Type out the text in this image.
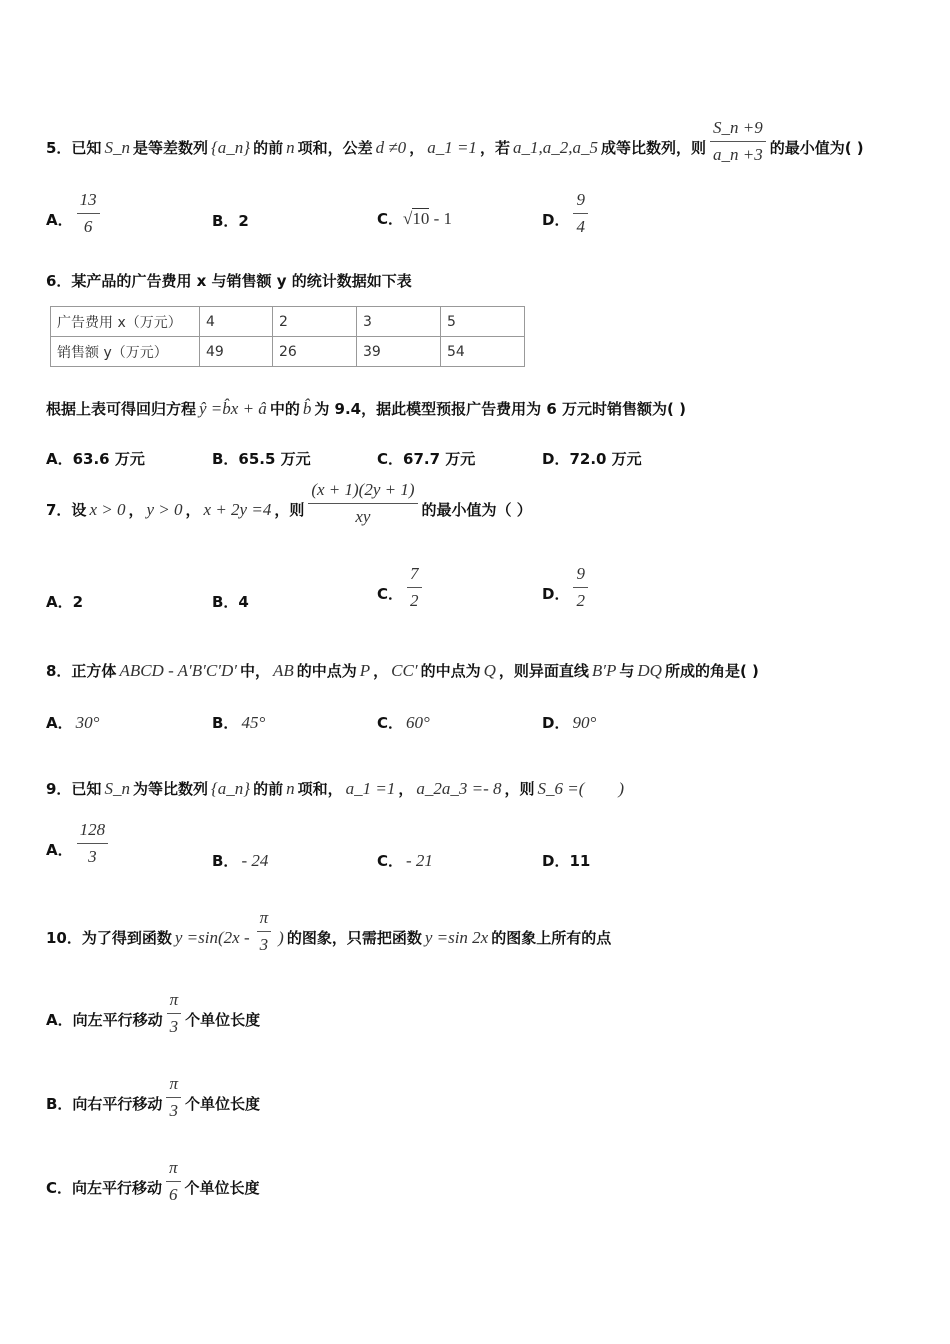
5．已知 S_n 是等差数列 {a_n} 的前 n 项和，公差 d ≠0 ， a_1 =1 ，若 a_1,a_2,a_5 成等比数列，则 $\frac{S\_n +9}{a\_n +3}$ 的最小值为( )
A． $\frac{13}{6}$	B．2	C． √10 - 1	D． $\frac{9}{4}$
6．某产品的广告费用 x 与销售额 y 的统计数据如下表
广告费用 x（万元）	4	2	3	5
销售额 y（万元）	49	26	39	54
根据上表可得回归方程 ŷ =b̂x + â 中的 b̂ 为 9.4，据此模型预报广告费用为 6 万元时销售额为( )
A．63.6 万元	B．65.5 万元	C．67.7 万元	D．72.0 万元
7．设 x > 0 ， y > 0 ， x + 2y =4 ，则 $\frac{(x + 1)(2y + 1)}{xy}$ 的最小值为（ ）
A．2	B．4	C． $\frac{7}{2}$	D． $\frac{9}{2}$
8．正方体 ABCD - A′B′C′D′ 中， AB 的中点为 P ， CC′ 的中点为 Q ，则异面直线 B′P 与 DQ 所成的角是( )
A． 30°	B． 45°	C． 60°	D． 90°
9．已知 S_n 为等比数列 {a_n} 的前 n 项和， a_1 =1 ， a_2a_3 =- 8 ，则 S_6 =(        )
A． $\frac{128}{3}$	B． - 24	C． - 21	D．11
10．为了得到函数 $y =\sin(2x - \frac{\pi}{3}$ ) 的图象，只需把函数 y =sin 2x 的图象上所有的点
A．向左平行移动 $\frac{\pi}{3}$ 个单位长度
B．向右平行移动 $\frac{\pi}{3}$ 个单位长度
C．向左平行移动 $\frac{\pi}{6}$ 个单位长度
